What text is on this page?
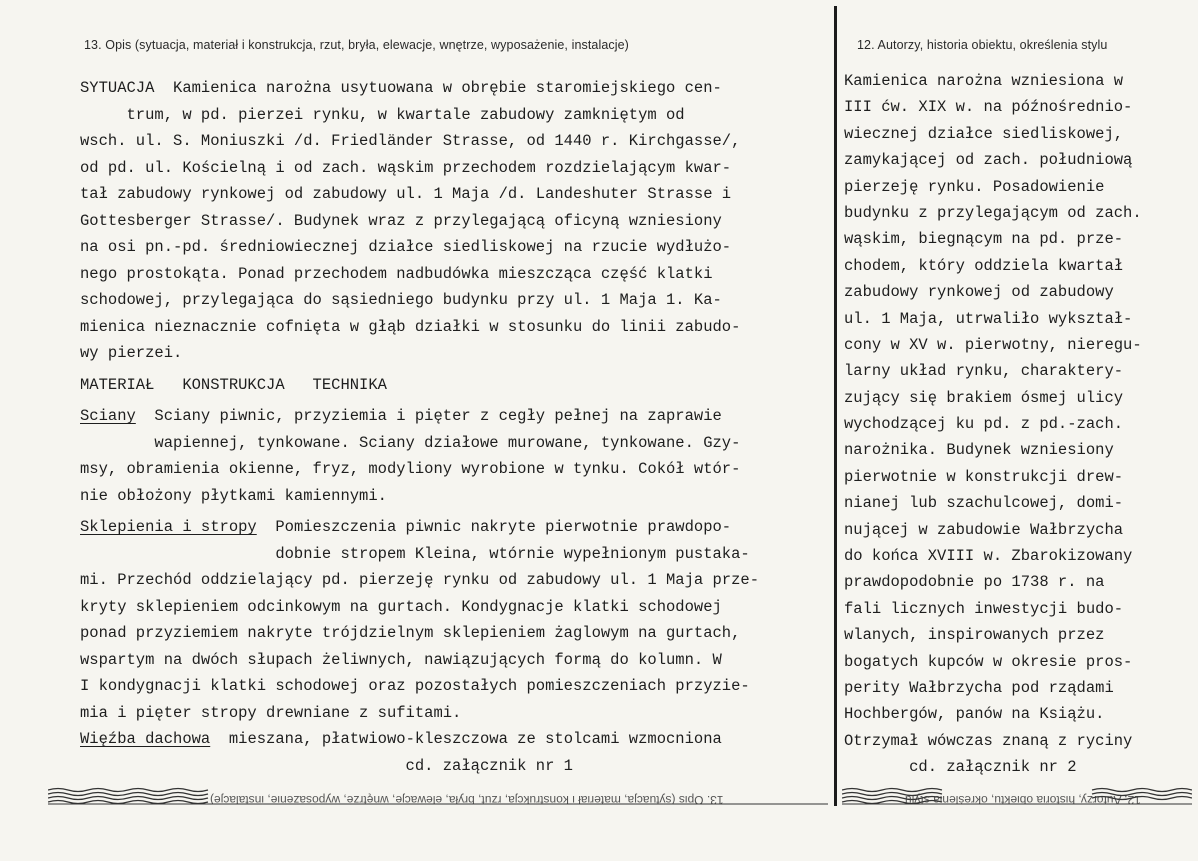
13. Opis (sytuacja, materiał i konstrukcja, rzut, bryła, elewacje, wnętrze, wyposażenie, instalacje)	12. Autorzy, historia obiektu, określenia stylu
SYTUACJA  Kamienica narożna usytuowana w obrębie staromiejskiego cen-
trum, w pd. pierzei rynku, w kwartale zabudowy zamkniętym od
wsch. ul. S. Moniuszki /d. Friedländer Strasse, od 1440 r. Kirchgasse/,
od pd. ul. Kościelną i od zach. wąskim przechodem rozdzielającym kwar-
tał zabudowy rynkowej od zabudowy ul. 1 Maja /d. Landeshuter Strasse i
Gottesberger Strasse/. Budynek wraz z przylegającą oficyną wzniesiony
na osi pn.-pd. średniowiecznej działce siedliskowej na rzucie wydłużo-
nego prostokąta. Ponad przechodem nadbudówka mieszcząca część klatki
schodowej, przylegająca do sąsiedniego budynku przy ul. 1 Maja 1. Ka-
mienica nieznacznie cofnięta w głąb działki w stosunku do linii zabudo-
wy pierzei.
MATERIAŁ   KONSTRUKCJA   TECHNIKA
Sciany  Sciany piwnic, przyziemia i pięter z cegły pełnej na zaprawie
wapiennej, tynkowane. Sciany działowe murowane, tynkowane. Gzy-
msy, obramienia okienne, fryz, modyliony wyrobione w tynku. Cokół wtór-
nie obłożony płytkami kamiennymi.
Sklepienia i stropy  Pomieszczenia piwnic nakryte pierwotnie prawdopo-
dobnie stropem Kleina, wtórnie wypełnionym pustaka-
mi. Przechód oddzielający pd. pierzeję rynku od zabudowy ul. 1 Maja prze-
kryty sklepieniem odcinkowym na gurtach. Kondygnacje klatki schodowej
ponad przyziemiem nakryte trójdzielnym sklepieniem żaglowym na gurtach,
wspartym na dwóch słupach żeliwnych, nawiązujących formą do kolumn. W
I kondygnacji klatki schodowej oraz pozostałych pomieszczeniach przyzie-
mia i pięter stropy drewniane z sufitami.
Więźba dachowa  mieszana, płatwiowo-kleszczowa ze stolcami wzmocniona
cd. załącznik nr 1
Kamienica narożna wzniesiona w
III ćw. XIX w. na późnośrednio-
wiecznej działce siedliskowej,
zamykającej od zach. południową
pierzeję rynku. Posadowienie
budynku z przylegającym od zach.
wąskim, biegnącym na pd. prze-
chodem, który oddziela kwartał
zabudowy rynkowej od zabudowy
ul. 1 Maja, utrwaliło wykształ-
cony w XV w. pierwotny, nieregu-
larny układ rynku, charaktery-
zujący się brakiem ósmej ulicy
wychodzącej ku pd. z pd.-zach.
narożnika. Budynek wzniesiony
pierwotnie w konstrukcji drew-
nianej lub szachulcowej, domi-
nującej w zabudowie Wałbrzycha
do końca XVIII w. Zbarokizowany
prawdopodobnie po 1738 r. na
fali licznych inwestycji budo-
wlanych, inspirowanych przez
bogatych kupców w okresie pros-
perity Wałbrzycha pod rządami
Hochbergów, panów na Książu.
Otrzymał wówczas znaną z ryciny
cd. załącznik nr 2
13. Opis (sytuacja, materiał i konstrukcja, rzut, bryła, elewacje, wnętrze, wyposażenie, instalacje)	12. Autorzy, historia obiektu, określenia stylu
